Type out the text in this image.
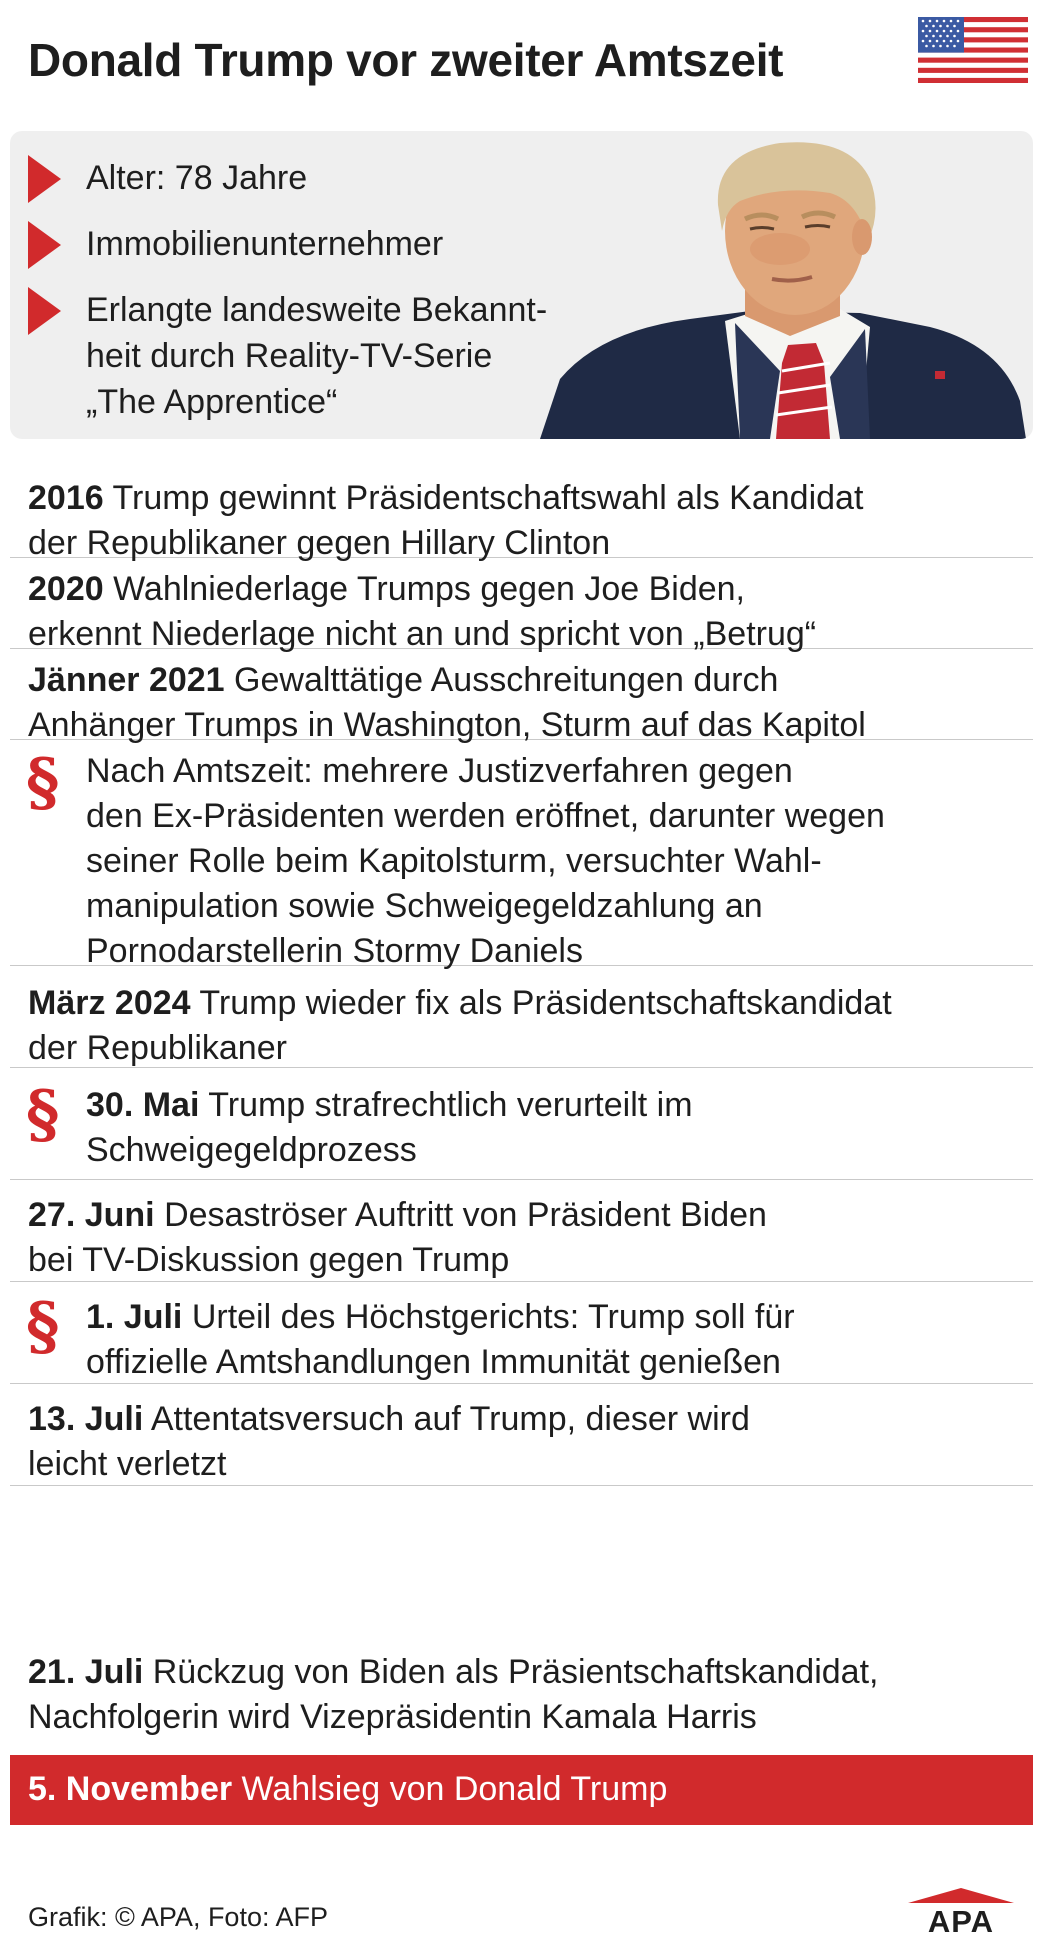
Donald Trump vor zweiter Amtszeit
Alter: 78 Jahre
Immobilienunternehmer
Erlangte landesweite Bekannt-
heit durch Reality-TV-Serie
„The Apprentice“
2016 Trump gewinnt Präsidentschaftswahl als Kandidat
der Republikaner gegen Hillary Clinton
2020 Wahlniederlage Trumps gegen Joe Biden,
erkennt Niederlage nicht an und spricht von „Betrug“
Jänner 2021 Gewalttätige Ausschreitungen durch
Anhänger Trumps in Washington, Sturm auf das Kapitol
§ Nach Amtszeit: mehrere Justizverfahren gegen
den Ex-Präsidenten werden eröffnet, darunter wegen
seiner Rolle beim Kapitolsturm, versuchter Wahl-
manipulation sowie Schweigegeldzahlung an
Pornodarstellerin Stormy Daniels
März 2024 Trump wieder fix als Präsidentschaftskandidat
der Republikaner
§ 30. Mai Trump strafrechtlich verurteilt im
Schweigegeldprozess
27. Juni Desaströser Auftritt von Präsident Biden
bei TV-Diskussion gegen Trump
§ 1. Juli Urteil des Höchstgerichts: Trump soll für
offizielle Amtshandlungen Immunität genießen
13. Juli Attentatsversuch auf Trump, dieser wird
leicht verletzt
21. Juli Rückzug von Biden als Präsientschaftskandidat,
Nachfolgerin wird Vizepräsidentin Kamala Harris
5. November Wahlsieg von Donald Trump
Grafik: © APA, Foto: AFP	APA
